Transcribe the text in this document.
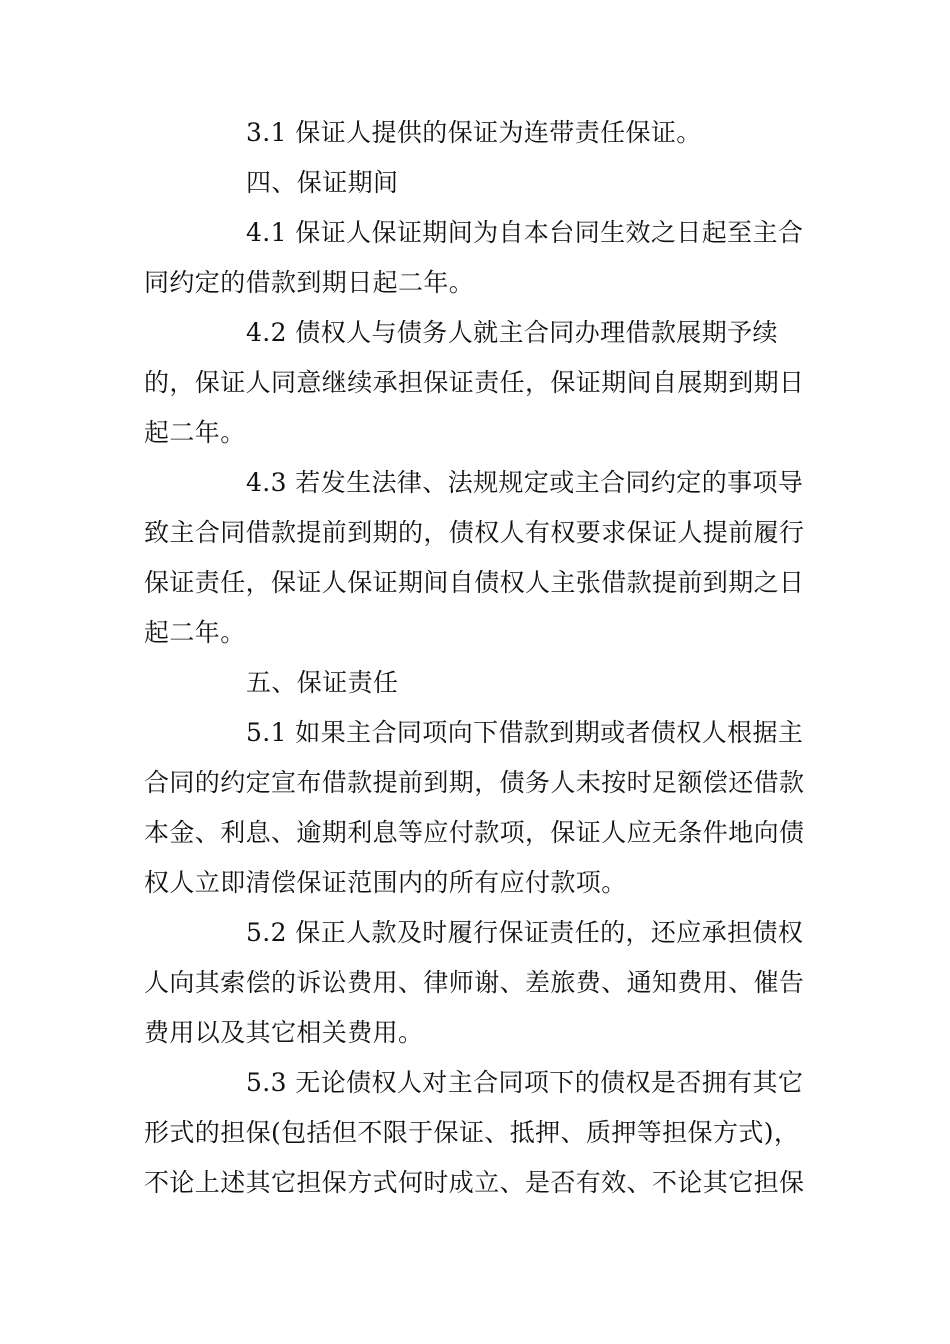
3.1 保证人提供的保证为连带责任保证。
四、保证期间
4.1 保证人保证期间为自本台同生效之日起至主合
同约定的借款到期日起二年。
4.2 债权人与债务人就主合同办理借款展期予续
的，保证人同意继续承担保证责任，保证期间自展期到期日
起二年。
4.3 若发生法律、法规规定或主合同约定的事项导
致主合同借款提前到期的，债权人有权要求保证人提前履行
保证责任，保证人保证期间自债权人主张借款提前到期之日
起二年。
五、保证责任
5.1 如果主合同项向下借款到期或者债权人根据主
合同的约定宣布借款提前到期，债务人未按时足额偿还借款
本金、利息、逾期利息等应付款项，保证人应无条件地向债
权人立即清偿保证范围内的所有应付款项。
5.2 保正人款及时履行保证责任的，还应承担债权
人向其索偿的诉讼费用、律师谢、差旅费、通知费用、催告
费用以及其它相关费用。
5.3 无论债权人对主合同项下的债权是否拥有其它
形式的担保(包括但不限于保证、抵押、质押等担保方式)，
不论上述其它担保方式何时成立、是否有效、不论其它担保
